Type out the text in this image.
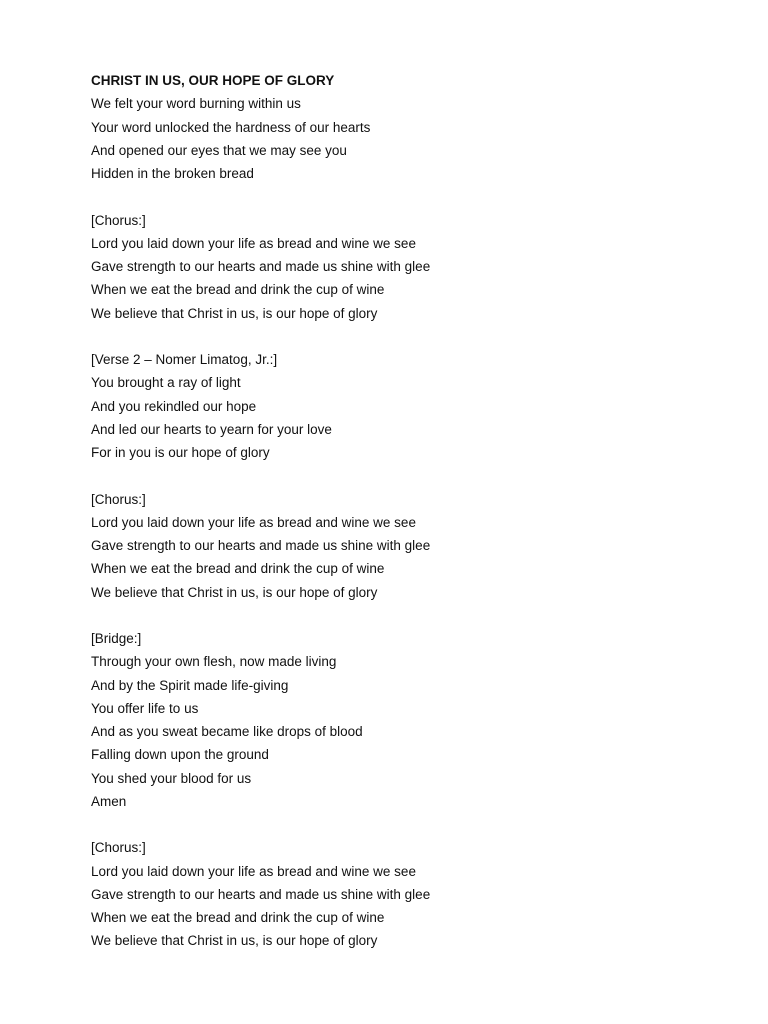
CHRIST IN US, OUR HOPE OF GLORY
We felt your word burning within us
Your word unlocked the hardness of our hearts
And opened our eyes that we may see you
Hidden in the broken bread
[Chorus:]
Lord you laid down your life as bread and wine we see
Gave strength to our hearts and made us shine with glee
When we eat the bread and drink the cup of wine
We believe that Christ in us, is our hope of glory
[Verse 2 – Nomer Limatog, Jr.:]
You brought a ray of light
And you rekindled our hope
And led our hearts to yearn for your love
For in you is our hope of glory
[Chorus:]
Lord you laid down your life as bread and wine we see
Gave strength to our hearts and made us shine with glee
When we eat the bread and drink the cup of wine
We believe that Christ in us, is our hope of glory
[Bridge:]
Through your own flesh, now made living
And by the Spirit made life-giving
You offer life to us
And as you sweat became like drops of blood
Falling down upon the ground
You shed your blood for us
Amen
[Chorus:]
Lord you laid down your life as bread and wine we see
Gave strength to our hearts and made us shine with glee
When we eat the bread and drink the cup of wine
We believe that Christ in us, is our hope of glory
